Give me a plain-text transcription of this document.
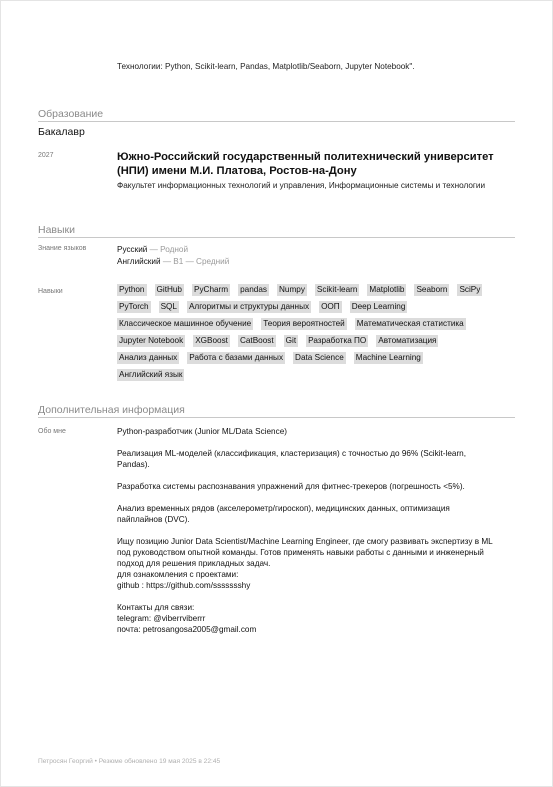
Технологии: Python, Scikit-learn, Pandas, Matplotlib/Seaborn, Jupyter Notebook".
Образование
Бакалавр
2027	Южно-Российский государственный политехнический университет (НПИ) имени М.И. Платова, Ростов-на-Дону
Факультет информационных технологий и управления, Информационные системы и технологии
Навыки
Знание языков	Русский — Родной
Английский — B1 — Средний
Навыки	Python GitHub PyCharm pandas Numpy Scikit-learn Matplotlib Seaborn SciPy
PyTorch SQL Алгоритмы и структуры данных ООП Deep Learning
Классическое машинное обучение Теория вероятностей Математическая статистика
Jupyter Notebook XGBoost CatBoost Git Разработка ПО Автоматизация
Анализ данных Работа с базами данных Data Science Machine Learning
Английский язык
Дополнительная информация
Обо мне	Python-разработчик (Junior ML/Data Science)

Реализация ML-моделей (классификация, кластеризация) с точностью до 96% (Scikit-learn, Pandas).

Разработка системы распознавания упражнений для фитнес-трекеров (погрешность <5%).

Анализ временных рядов (акселерометр/гироскоп), медицинских данных, оптимизация пайплайнов (DVC).

Ищу позицию Junior Data Scientist/Machine Learning Engineer, где смогу развивать экспертизу в ML под руководством опытной команды. Готов применять навыки работы с данными и инженерный подход для решения прикладных задач.

для ознакомления с проектами:

github : https://github.com/ssssssshy

Контакты для связи:

telegram: @viberrviberrr

почта: petrosangosa2005@gmail.com

Петросян Георгий • Резюме обновлено 19 мая 2025 в 22:45
